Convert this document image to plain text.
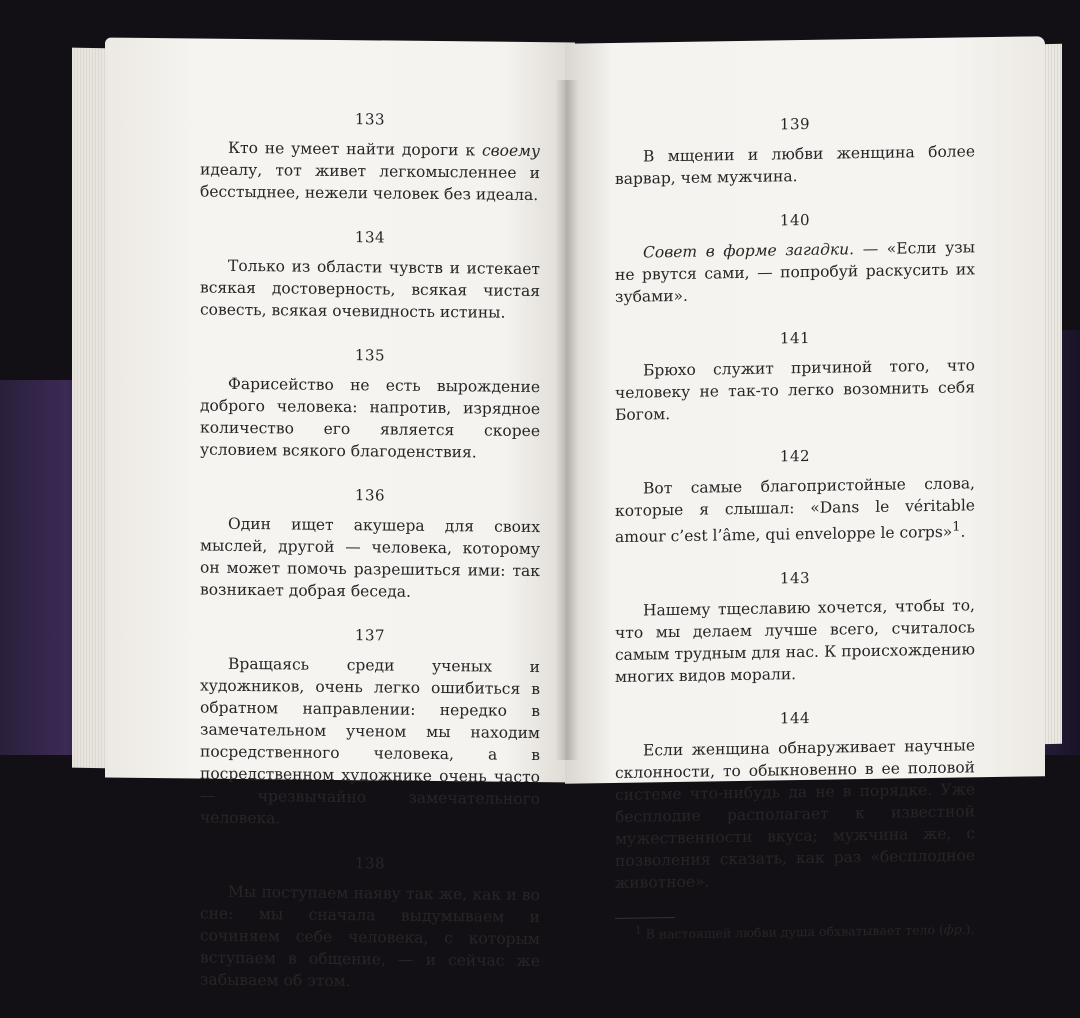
133

Кто не умеет найти дороги к своему идеалу, тот живет легкомысленнее и бесстыднее, нежели человек без идеала.

134

Только из области чувств и истекает всякая достоверность, всякая чистая совесть, всякая очевидность истины.

135

Фарисейство не есть вырождение доброго человека: напротив, изрядное количество его является скорее условием всякого благоденствия.

136

Один ищет акушера для своих мыслей, другой — человека, которому он может помочь разрешиться ими: так возникает добрая беседа.

137

Вращаясь среди ученых и художников, очень легко ошибиться в обратном направлении: нередко в замечательном ученом мы находим посредственного человека, а в посредственном художнике очень часто — чрезвычайно замечательного человека.

138

Мы поступаем наяву так же, как и во сне: мы сначала выдумываем и сочиняем себе человека, с которым вступаем в общение, — и сейчас же забываем об этом.

139

В мщении и любви женщина более варвар, чем мужчина.

140

Совет в форме загадки. — «Если узы не рвутся сами, — попробуй раскусить их зубами».

141

Брюхо служит причиной того, что человеку не так-то легко возомнить себя Богом.

142

Вот самые благопристойные слова, которые я слышал: «Dans le véritable amour c’est l’âme, qui enveloppe le corps»$^1$.

143

Нашему тщеславию хочется, чтобы то, что мы делаем лучше всего, считалось самым трудным для нас. К происхождению многих видов морали.

144

Если женщина обнаруживает научные склонности, то обыкновенно в ее половой системе что-нибудь да не в порядке. Уже бесплодие располагает к известной мужественности вкуса; мужчина же, с позволения сказать, как раз «бесплодное животное».

$^1$ В настоящей любви душа обхватывает тело (фр.).
